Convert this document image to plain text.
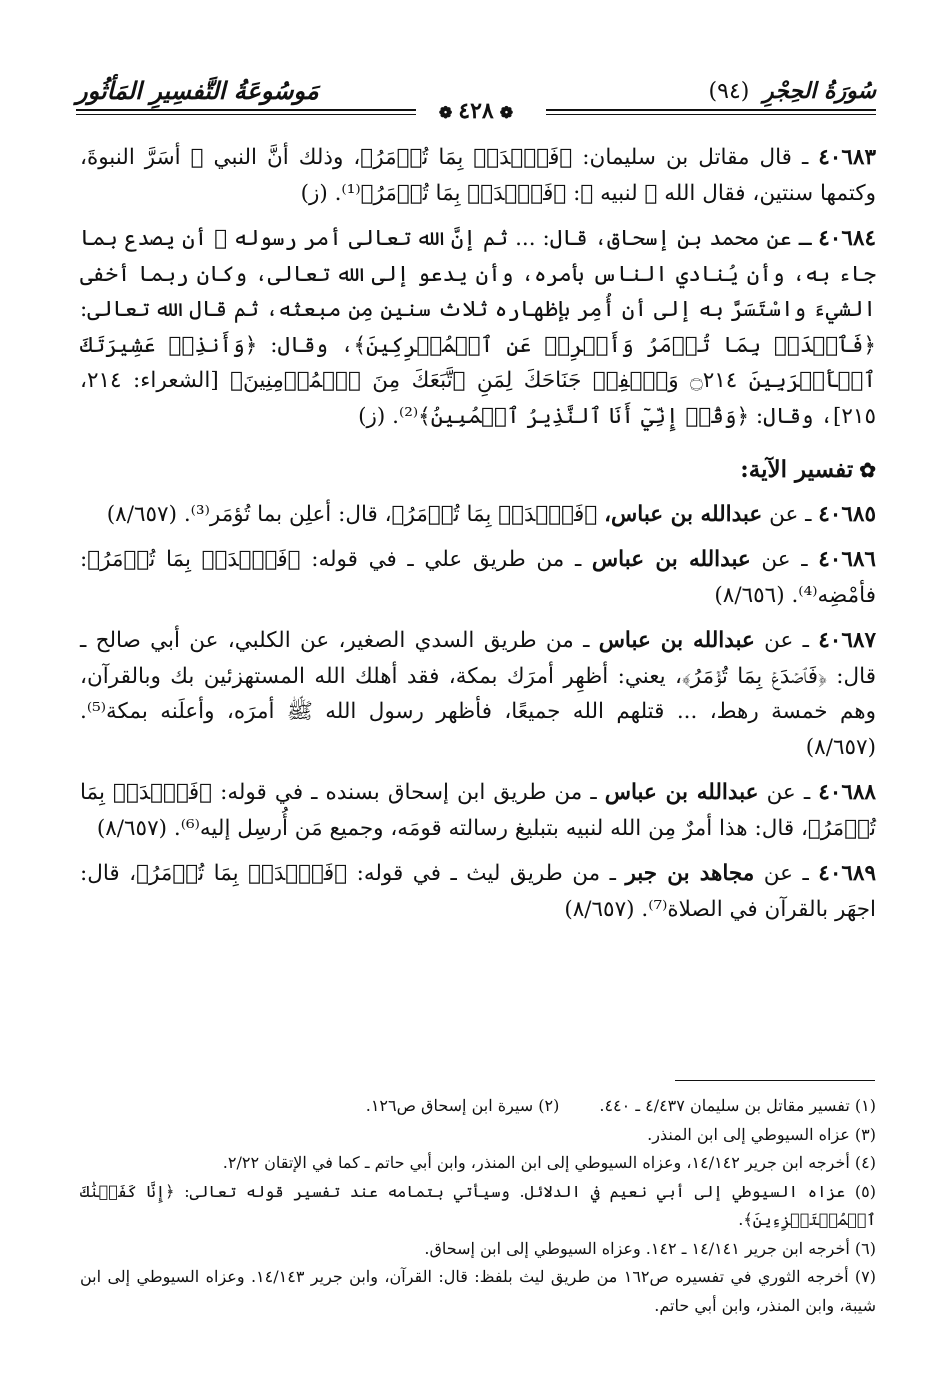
سُورَةُ الحِجْرِ (٩٤)
مَوسُوعَةُ التَّفسِيرِ المَأثُور
❁٤٢٨❁

٤٠٦٨٣ ـ قال مقاتل بن سليمان: ﴿فَٱصۡدَعۡ بِمَا تُؤۡمَرُ﴾، وذلك أنَّ النبي ﷺ أسَرَّ النبوةَ، وكتمها سنتين، فقال الله ﷻ لنبيه ﷺ: ﴿فَٱصۡدَعۡ بِمَا تُؤۡمَرُ﴾⁽¹⁾. (ز)

٤٠٦٨٤ ـ عن محمد بن إسحاق، قال: ... ثم إنَّ الله تعالى أمر رسوله ﷺ أن يصدع بما جاء به، وأن يُنادي الناس بأمره، وأن يدعو إلى الله تعالى، وكان ربما أخفى الشيءَ واسْتَسَرَّ به إلى أن أُمِر بإظهاره ثلاث سنين مِن مبعثه، ثم قال الله تعالى: ﴿فَٱصۡدَعۡ بِمَا تُؤۡمَرُ وَأَعۡرِضۡ عَنِ ٱلۡمُشۡرِكِينَ﴾، وقال: ﴿وَأَنذِرۡ عَشِيرَتَكَ ٱلۡأَقۡرَبِينَ ۝٢١٤ وَٱخۡفِضۡ جَنَاحَكَ لِمَنِ ٱتَّبَعَكَ مِنَ ٱلۡمُؤۡمِنِينَ﴾ [الشعراء: ٢١٤، ٢١٥]، وقال: ﴿وَقُلۡ إِنِّيٓ أَنَا ٱلنَّذِيرُ ٱلۡمُبِينُ﴾⁽²⁾. (ز)

✿تفسير الآية:

٤٠٦٨٥ ـ عن عبدالله بن عباس، ﴿فَٱصۡدَعۡ بِمَا تُؤۡمَرُ﴾، قال: أعلِن بما تُؤمَر⁽³⁾. (٨/٦٥٧)

٤٠٦٨٦ ـ عن عبدالله بن عباس ـ من طريق علي ـ في قوله: ﴿فَٱصۡدَعۡ بِمَا تُؤۡمَرُ﴾: فأمْضِه⁽⁴⁾. (٨/٦٥٦)

٤٠٦٨٧ ـ عن عبدالله بن عباس ـ من طريق السدي الصغير، عن الكلبي، عن أبي صالح ـ قال: ﴿فَٱصۡدَعۡ بِمَا تُؤۡمَرُ﴾، يعني: أظهِر أمرَك بمكة، فقد أهلك الله المستهزئين بك وبالقرآن، وهم خمسة رهط، ... قتلهم الله جميعًا، فأظهر رسول الله ﷺ أمرَه، وأعلَنه بمكة⁽⁵⁾. (٨/٦٥٧)

٤٠٦٨٨ ـ عن عبدالله بن عباس ـ من طريق ابن إسحاق بسنده ـ في قوله: ﴿فَٱصۡدَعۡ بِمَا تُؤۡمَرُ﴾، قال: هذا أمرٌ مِن الله لنبيه بتبليغ رسالته قومَه، وجميع مَن أُرسِل إليه⁽⁶⁾. (٨/٦٥٧)

٤٠٦٨٩ ـ عن مجاهد بن جبر ـ من طريق ليث ـ في قوله: ﴿فَٱصۡدَعۡ بِمَا تُؤۡمَرُ﴾، قال: اجهَر بالقرآن في الصلاة⁽⁷⁾. (٨/٦٥٧)

(١) تفسير مقاتل بن سليمان ٤/٤٣٧ ـ ٤٤٠.
(٢) سيرة ابن إسحاق ص١٢٦.

(٣) عزاه السيوطي إلى ابن المنذر.

(٤) أخرجه ابن جرير ١٤/١٤٢، وعزاه السيوطي إلى ابن المنذر، وابن أبي حاتم ـ كما في الإتقان ٢/٢٢.

(٥) عزاه السيوطي إلى أبي نعيم في الدلائل. وسيأتي بتمامه عند تفسير قوله تعالى: ﴿إِنَّا كَفَيۡنَٰكَ ٱلۡمُسۡتَهۡزِءِينَ﴾.

(٦) أخرجه ابن جرير ١٤/١٤١ ـ ١٤٢. وعزاه السيوطي إلى ابن إسحاق.

(٧) أخرجه الثوري في تفسيره ص١٦٢ من طريق ليث بلفظ: قال: القرآن، وابن جرير ١٤/١٤٣. وعزاه السيوطي إلى ابن شيبة، وابن المنذر، وابن أبي حاتم.
